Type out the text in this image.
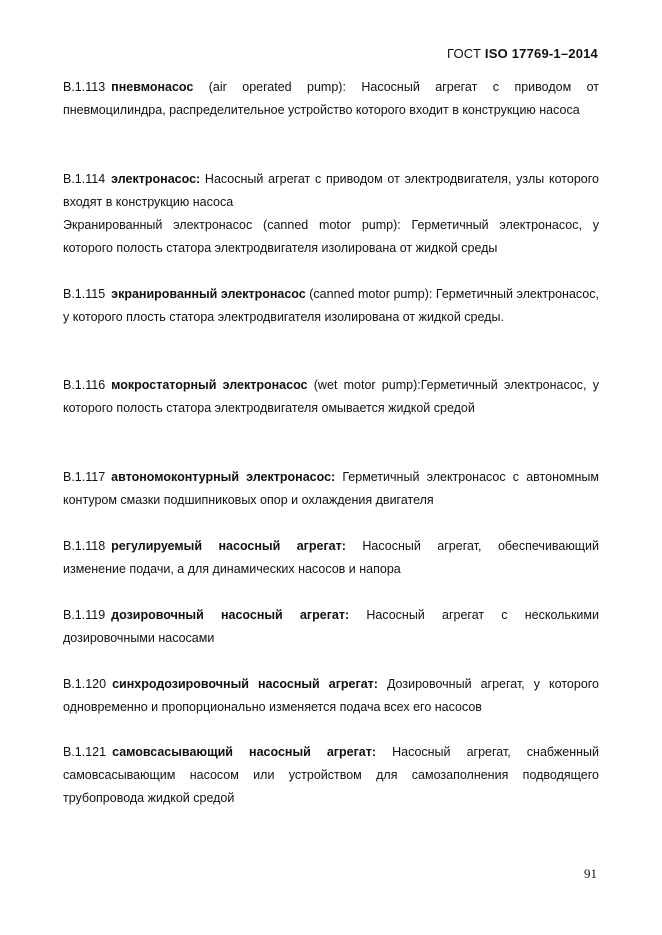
ГОСТ ISO 17769-1–2014

B.1.113 пневмонасос (air operated pump): Насосный агрегат с приводом от пневмоцилиндра, распределительное устройство которого входит в конструкцию насоса

B.1.114 электронасос: Насосный агрегат с приводом от электродвигателя, узлы которого входят в конструкцию насоса
Экранированный электронасос (canned motor pump): Герметичный электронасос, у которого полость статора электродвигателя изолирована от жидкой среды

B.1.115 экранированный электронасос (canned motor pump): Герметичный электронасос, у которого плость статора электродвигателя изолирована от жидкой среды.

B.1.116 мокростаторный электронасос (wet motor pump):Герметичный электронасос, у которого полость статора электродвигателя омывается жидкой средой

B.1.117 автономоконтурный электронасос: Герметичный электронасос с автономным контуром смазки подшипниковых опор и охлаждения двигателя

B.1.118 регулируемый насосный агрегат: Насосный агрегат, обеспечивающий изменение подачи, а для динамических насосов и напора

B.1.119 дозировочный насосный агрегат: Насосный агрегат с несколькими дозировочными насосами

B.1.120 синхродозировочный насосный агрегат: Дозировочный агрегат, у которого одновременно и пропорционально изменяется подача всех его насосов

B.1.121 самовсасывающий насосный агрегат: Насосный агрегат, снабженный самовсасывающим насосом или устройством для самозаполнения подводящего трубопровода жидкой средой

91
